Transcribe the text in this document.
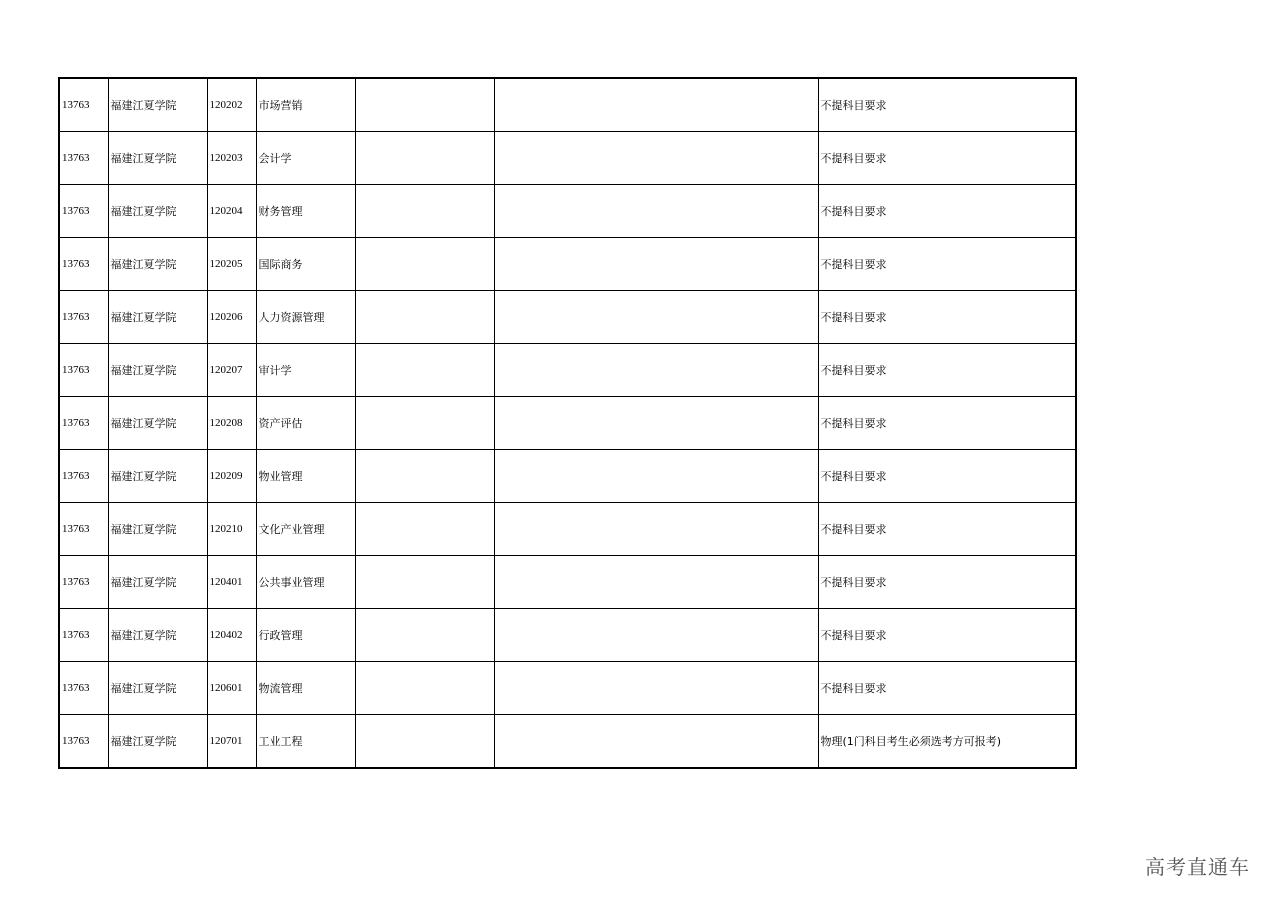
13763	福建江夏学院	120202	市场营销			不提科目要求
13763	福建江夏学院	120203	会计学			不提科目要求
13763	福建江夏学院	120204	财务管理			不提科目要求
13763	福建江夏学院	120205	国际商务			不提科目要求
13763	福建江夏学院	120206	人力资源管理			不提科目要求
13763	福建江夏学院	120207	审计学			不提科目要求
13763	福建江夏学院	120208	资产评估			不提科目要求
13763	福建江夏学院	120209	物业管理			不提科目要求
13763	福建江夏学院	120210	文化产业管理			不提科目要求
13763	福建江夏学院	120401	公共事业管理			不提科目要求
13763	福建江夏学院	120402	行政管理			不提科目要求
13763	福建江夏学院	120601	物流管理			不提科目要求
13763	福建江夏学院	120701	工业工程			物理(1门科目考生必须选考方可报考)
高考直通车
